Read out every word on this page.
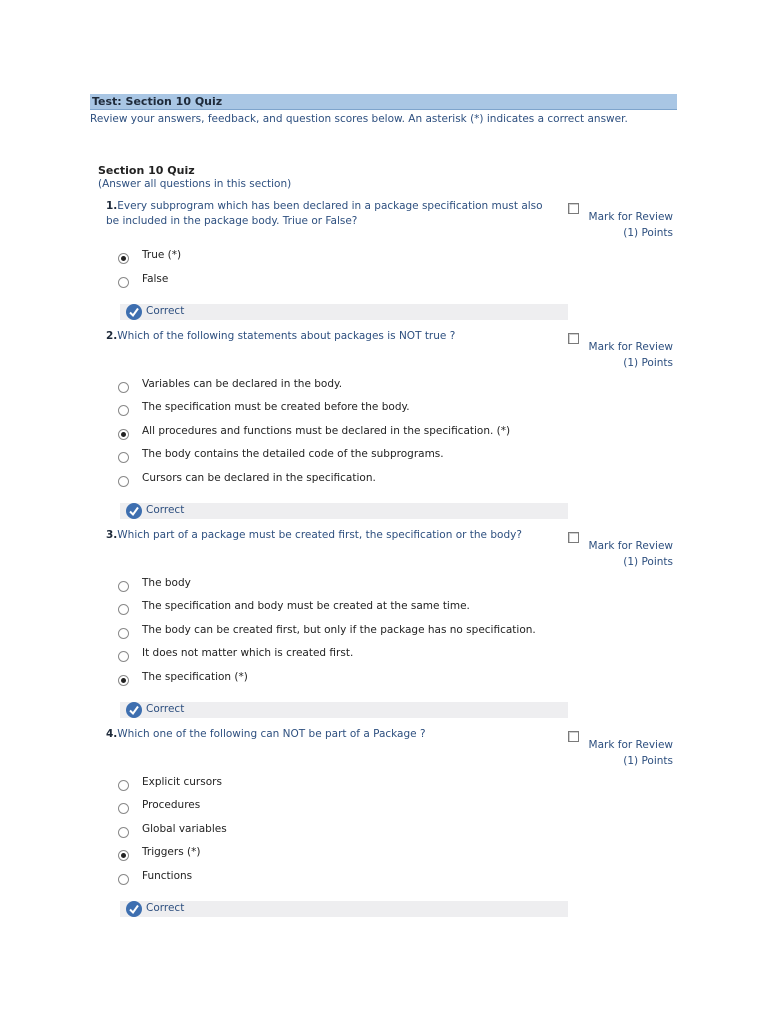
Test: Section 10 Quiz
Review your answers, feedback, and question scores below. An asterisk (*) indicates a correct answer.
Section 10 Quiz
(Answer all questions in this section)
1.Every subprogram which has been declared in a package specification must also be included in the package body. Triue or False?	Mark for Review
(1) Points
True (*)
False
Correct
2.Which of the following statements about packages is NOT true ?
Mark for Review
(1) Points
Variables can be declared in the body.
The specification must be created before the body.
All procedures and functions must be declared in the specification. (*)
The body contains the detailed code of the subprograms.
Cursors can be declared in the specification.
Correct
3.Which part of a package must be created first, the specification or the body?
Mark for Review
(1) Points
The body
The specification and body must be created at the same time.
The body can be created first, but only if the package has no specification.
It does not matter which is created first.
The specification (*)
Correct
4.Which one of the following can NOT be part of a Package ?
Mark for Review
(1) Points
Explicit cursors
Procedures
Global variables
Triggers (*)
Functions
Correct
